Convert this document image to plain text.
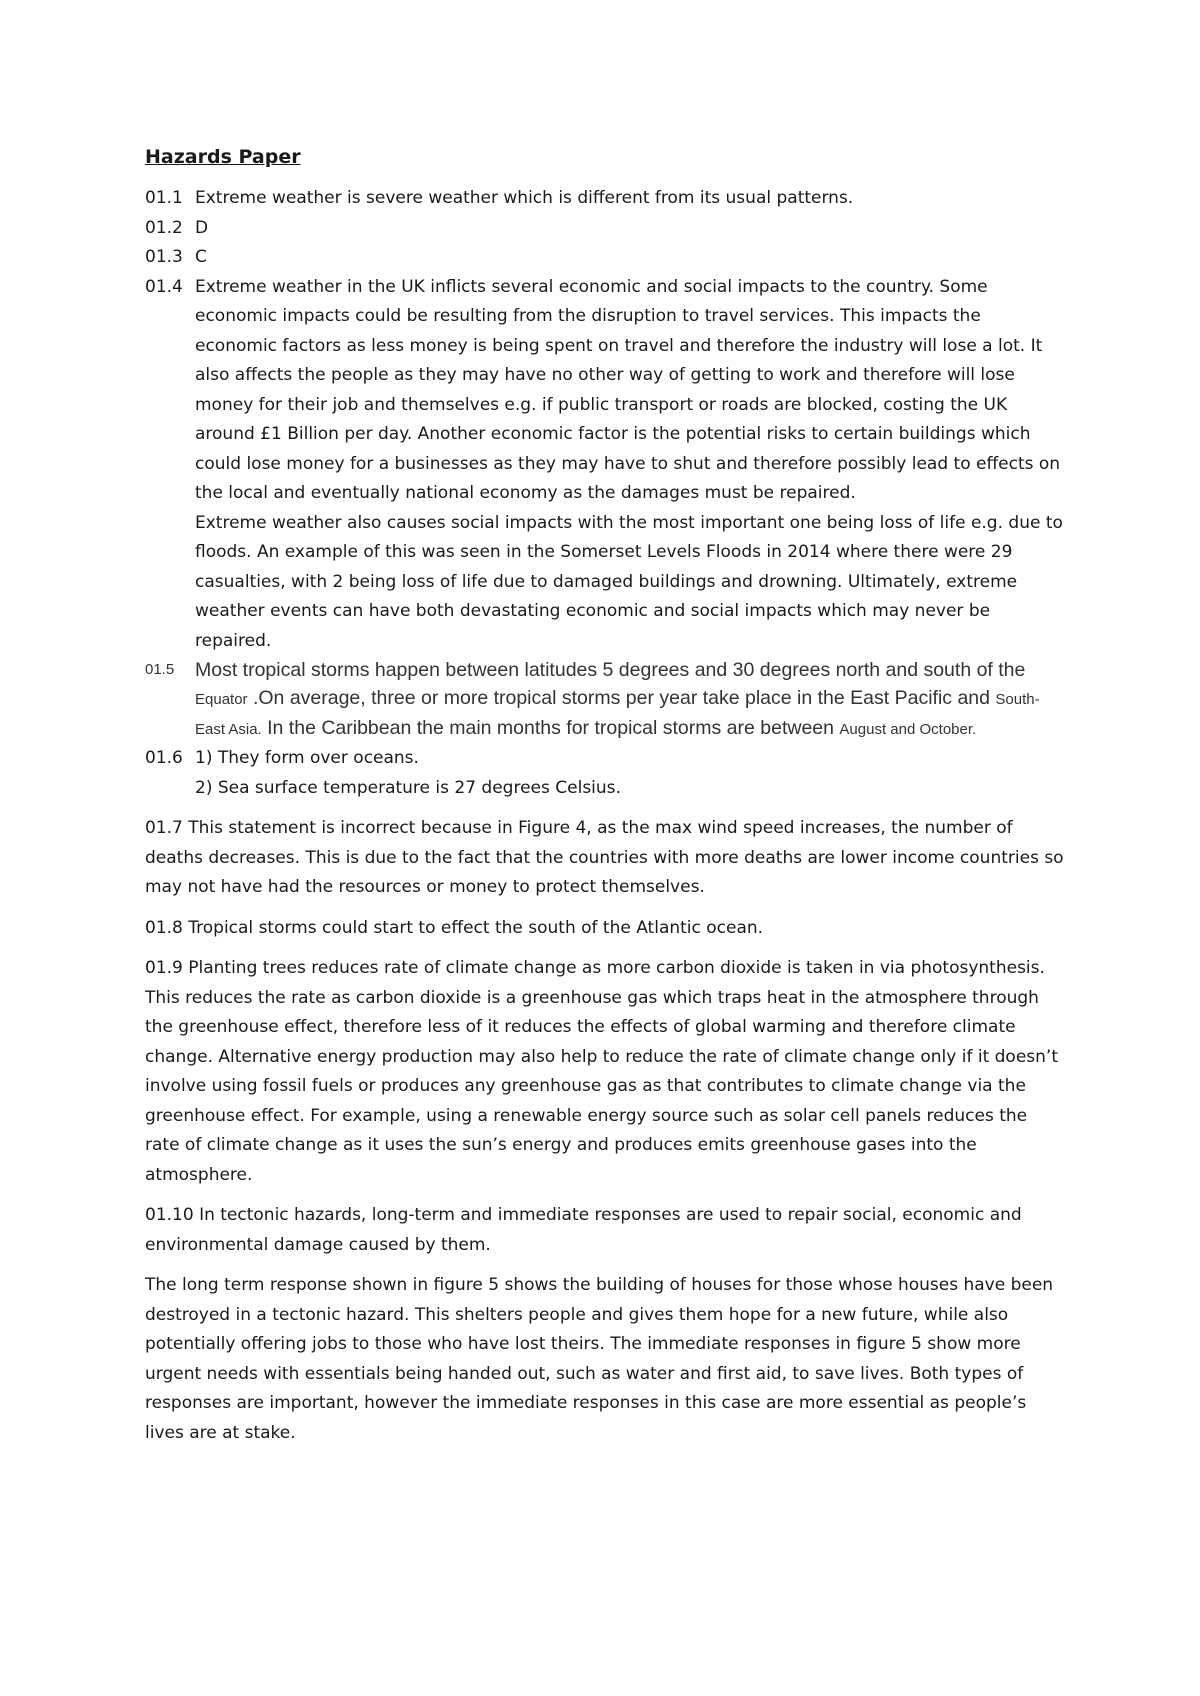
Hazards Paper
01.1 Extreme weather is severe weather which is different from its usual patterns.

01.2 D

01.3 C

01.4 Extreme weather in the UK inflicts several economic and social impacts to the country. Some economic impacts could be resulting from the disruption to travel services. This impacts the economic factors as less money is being spent on travel and therefore the industry will lose a lot. It also affects the people as they may have no other way of getting to work and therefore will lose money for their job and themselves e.g. if public transport or roads are blocked, costing the UK around £1 Billion per day. Another economic factor is the potential risks to certain buildings which could lose money for a businesses as they may have to shut and therefore possibly lead to effects on the local and eventually national economy as the damages must be repaired.

Extreme weather also causes social impacts with the most important one being loss of life e.g. due to floods. An example of this was seen in the Somerset Levels Floods in 2014 where there were 29 casualties, with 2 being loss of life due to damaged buildings and drowning. Ultimately, extreme weather events can have both devastating economic and social impacts which may never be repaired.

01.5	Most tropical storms happen between latitudes 5 degrees and 30 degrees north and south of the Equator .On average, three or more tropical storms per year take place in the East Pacific and South-East Asia. In the Caribbean the main months for tropical storms are between August and October.

01.6 1) They form over oceans.

2) Sea surface temperature is 27 degrees Celsius.

01.7 This statement is incorrect because in Figure 4, as the max wind speed increases, the number of deaths decreases. This is due to the fact that the countries with more deaths are lower income countries so may not have had the resources or money to protect themselves.

01.8 Tropical storms could start to effect the south of the Atlantic ocean.

01.9 Planting trees reduces rate of climate change as more carbon dioxide is taken in via photosynthesis. This reduces the rate as carbon dioxide is a greenhouse gas which traps heat in the atmosphere through the greenhouse effect, therefore less of it reduces the effects of global warming and therefore climate change. Alternative energy production may also help to reduce the rate of climate change only if it doesn’t involve using fossil fuels or produces any greenhouse gas as that contributes to climate change via the greenhouse effect. For example, using a renewable energy source such as solar cell panels reduces the rate of climate change as it uses the sun’s energy and produces emits greenhouse gases into the atmosphere.

01.10 In tectonic hazards, long-term and immediate responses are used to repair social, economic and environmental damage caused by them.

The long term response shown in figure 5 shows the building of houses for those whose houses have been destroyed in a tectonic hazard. This shelters people and gives them hope for a new future, while also potentially offering jobs to those who have lost theirs. The immediate responses in figure 5 show more urgent needs with essentials being handed out, such as water and first aid, to save lives. Both types of responses are important, however the immediate responses in this case are more essential as people’s lives are at stake.
